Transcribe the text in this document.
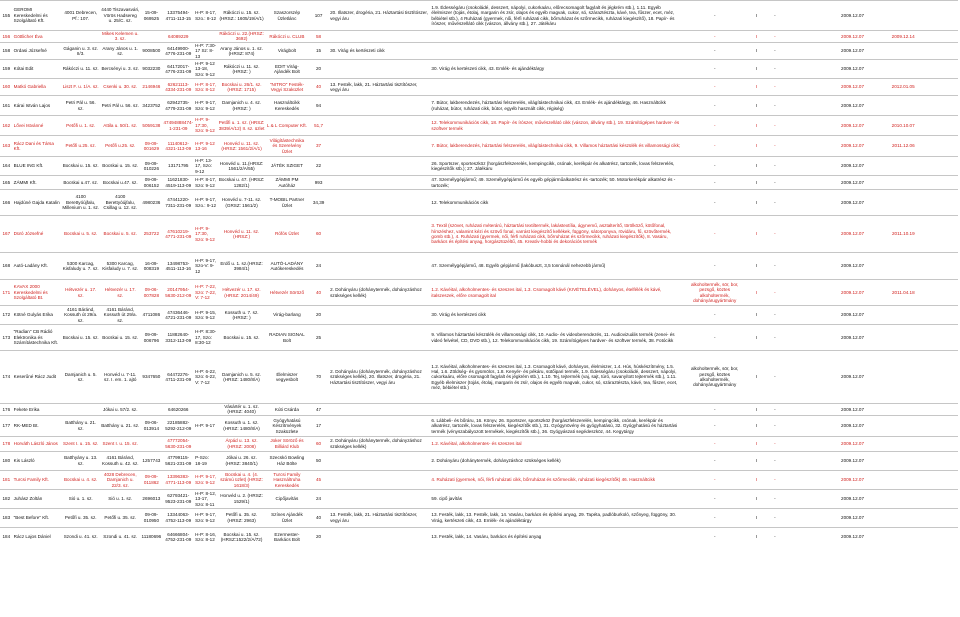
155	GEROMI Kereskedelmi és Szolgáltató Kft.	4001 Debrecen, Pf.: 107.	4440 Tiszavasvári, Vörös Hadsereg u. 25/C. sz.	15-09-069525	13375494-4711-113-15	H-P: 8-17, Szo.: 8-12	Rákóczi u. 15. sz.(HRSZ.: 1605/19/A/1)	Szaszorszép Üzletlánc	107	20. Illatszer, drogéria, 21. Háztartási tisztítószer, vegyi áru	1.9. Édességáru (csokoládé, desszert, nápolyi, cukorkaáru, előrecsomagolt fagylalt és jégkrém stb.), 1.11. Egyéb élelmiszer (tojás, étolaj, margarin és zsír, olajos és egyéb magvak, cukor, só, száraztészta, kávé, tea, fűszer, ecet, méz, bébiétel stb.), 4 Ruházati (gyermek, női, férfi ruházati cikk, bőrruházat és szőrmecikk, ruházati kiegészítő), 18. Papír- és írószer, művészellátó cikk (vászon, állvány stb.), 27. Játékáru	-	I	-	2009.12.07		
156	Göttlicher Éva		Mikes Kelemen u. 3. sz.		64089229		Rákóczi u. 22.(HRSZ: 3692)	Rákóczi u. CLUB	58			-	I	-	2009.12.07	2009.12.14	
158	Ordasi Józsefné	Gáganin u. 3. sz. II/3.	Arany János u. 1. sz.	9008500	64149900-4776-231-09	H-P: 7:30-17 Sz: 8-13	Arany János u. 1. sz. (HRSZ: 874)	Virágbolt	15	30. Virág és kertészeti cikk		-	I	-	2009.12.07		
159	Kótai Edit	Rákóczi u. 11. sz.	Bercsényi u. 3. sz.	9032230	64172017-4776-231-09	H-P: 9-12 13-18, Szo: 9-12	Rákóczi u. 11. sz. (HRSZ: )	EDIT Virág-Ajándék Bolt	20		30. Virág és kertészeti cikk, 43. Emlék- és ajándéktárgy	-	I	-	2009.12.07		
160	Matkó Gabriella	Liszt F. u. 1/A. sz.	Csenki u. 30. sz.	2146946	62621113-4334-231-09	H-P: 8-17, Szo: 8-12	Bocskai u. 26/1. sz. (HRSZ: 1715)	"NITRO" Festék-Vegyi Szaküzlet	40	13. Festék, lakk, 21. Háztartási tisztítószer, vegyi áru		-	I	-	2009.12.07	2012.01.05	
161	Kárai István Lajos	Petri Pál u. 56. sz.	Petri Pál u. 56. sz.	3423752	62942735-4779-231-09	H-P: 9-17, Szo: 9-12	Damjanich u. 4. sz. (HRSZ: )	Használtcikk Kereskedés	94		7. Bútor, lakberendezés, háztartási felszerelés, világítástechnikai cikk, 43. Emlék- és ajándéktárgy, 46. Használtcikk (ruházat, bútor, ruházati cikk, bútor, egyéb használt cikk, régiség)	-	I	-	2009.12.07		
162	Lővei Istvánné	Petőfi u. 1. sz.	Attila u. 50/1. sz.	5059138	47494888474-1-231-09	H-P: 9-17:30, Szo: 9-12	Petőfi u. 1. sz. (HRSZ: 3839/A/12) II. sz. üzlet	L & L Computer Kft.	51,7		12. Telekommunikációs cikk, 18. Papír- és írószer, művészellátó cikk (vászon, állvány stb.), 19. Számítógépes hardver- és szoftver termék	-	I	-	2009.12.07	2010.10.07	
163	Rácz Dani és Társa Kft.	Petőfi u.25. sz.	Petőfi u.25. sz.	09-09-001629	11140612-4321-113-09	H-P: 9-12 13-16	Honvéd u. 11. sz.(HRSZ: 1561/2/A/1)	Világítástechnika és Szerelvény Üzlet	37		7. Bútor, lakberendezés, háztartási felszerelés, világítástechnikai cikk, 9. Villamos háztartási készülék és villamossági cikk;	-	I	-	2009.12.07	2011.12.06	
164	BLUE ING Kft.	Bocskai u. 15. sz.	Bocskai u. 15. sz.	09-09-010226	13171795	H-P: 13-17, Szo: 9-12	Honvéd u. 11.(HRSZ: 1561/2/A/55)	JÁTÉK SZIGET	22		26. Sportszer, sporteszköz (horgászfelszerelés, kempingcikk, csónak, kerékpár és alkatrész, tartozék, lovas felszerelés, kiegészítők stb.); 27. Játékáru	-	I	-	2009.12.07		
165	ZÁMMI Kft.	Bocskai u.47. sz.	Bocskai u.47. sz.	09-09-006152	11621830-4519-113-09	H-P: 8-17, Szo: 9-12	Bocskai u. 47. (HRSZ: 1282/1)	ZÁMMI PM Autóház	993		47. Személygépjármű; 49. Személygépjármű és egyéb gépjárműalkatrész és -tartozék; 50. Motorkerékpár alkatrész és -tartozék;	-	I	-	2009.12.07		
166	Hajdúné Gajda Katalin	4100 Berettyóújfalu, Millenium u. 1. sz.	4100 Berettyóújfalu, Csillag u. 12. sz.	4980236	47441220-7311-231-09	H-P: 9-17, Szo.: 9-12	Honvéd u. 7-11. sz. (GRSZ: 1561/2)	T-MOBIL Partner Üzlet	34,39		12. Telekommunikációs cikk	-	I	-	2009.12.07		
167	Düró Józsefné	Bocskai u. 5. sz.	Bocskai u. 5. sz.	253722	47610219-4771-231-09	H-P: 9-17:30, Szo: 9-12	Honvéd u. 11. sz. (HRSZ:)	Rófós Üzlet	60		3. Textil (szövet, ruházati méterárú, háztartási textiltermék, lakástextília, ágynemű, asztalterítő, törölköző, kötőfonal, hímzéshez, valamint kézi és szövő fonal, varrást kiegészítő kellékek, függöny, sátorponyva, rövidáru, fű, szövőtermék, gomb stb.), 4. Ruházati (gyermek, női, férfi ruházati cikk, bőrruházat és szőrmecikk, ruházati kiegészítők), 8. Vasáru, barkács és építési anyag, horgásztüzéltű, 45. Kreatív-hobbi és dekorációs termék	-	I	-	2009.12.07	2011.10.19	
168	Autó-Ladány Kft.	5300 Karcag, Kisfaludy u. 7. sz.	5300 Karcag, Kisfaludy u. 7. sz.	16-09-008319	13498753-4511-113-16	H-P: 9-17, Szo-V: 9-12	Erdő u. 1. sz.(HRSZ: 3984/1)	AUTÓ-LADÁNY Autókereskedés	24		47. Személygépjármű, 48. Egyéb gépjármű (lakóbuszt, 3,5 tonnánál nehezebb jármű)	-	I	-	2009.12.07		
171	KAVAX 2000 Kereskedelmi és Szolgáltató Bt.	Hétvezér u. 17. sz.	Hétvezér u. 17. sz.	09-06-007828	20147954-5630-212-09	H-P: 7-22, Szo: 7-22, V: 7-12	Hétvezér u. 17. sz. (HRSZ: 2014/49)	Hétvezér Söröző	40	2. Dohányáru (dohánytermék, dohányzáshoz szükséges kellék)	1.2. Kávéital, alkoholmentes- és szeszes ital, 1.3. Csomagolt kávé (KIVÉTELÉVEL), dohányos, ételfélék és kávé, italszeszek, előre csomagolt ital	alkoholtermék, sör, bor, pezsgő, köztes alkoholtermék, dohányárugyártmány	I	-	2009.12.07	2011.04.18	
172	Kötné Gulyás Erika	4161 Báránd, Kossuth út 29/a. sz.	4161 Báránd, Kossuth út 29/a. sz.	4711086	47436446-4721-231-09	H-P: 9-15, Szo: 9-12	Kossuth u. 7. sz. (HRSZ: )	Virág-barlang	20		30. Virág és kertészeti cikk	-	I	-	2009.12.07		
173	"Radian" CB Rádió Elektronika és Számítástechnika Kft.	Bocskai u. 15. sz.	Bocskai u. 15. sz.	09-09-006796	11882640-3312-113-09	H-P: 8:30-17, Szo: 8:30-12	Bocskai u. 15. sz.	RADIAN SIGNAL Bolt	25		9. Villamos háztartási készülék és villamossági cikk, 10. Audio- és videoberendezés, 11. Audiovizuális termék (zenei- és videó felvétel, CD, DVD stb.), 12. Telekommunikációs cikk, 19. Számítógépes hardver- és szoftver termék, 38. Fotócikk	-	I	-	2009.12.07		
174	Keserűné Rácz Judit	Damjanich u. 5. sz.	Honvéd u. 7-11. sz. I. em. 1. ajtó	9347650	64472276-4711-231-09	H-P: 6-22, Szo: 6-22, V: 7-12	Damjanich u. 5. sz. (HRSZ: 1480/8/A)	Élelmiszer vegyesbolt	70	2. Dohányáru (dohánytermék, dohányzáshoz szükséges kellék), 20. Illatszer, drogéria, 21. Háztartási tisztítószer, vegyi áru	1.2. Kávéital, alkoholmentes- és szeszes ital, 1.3. Csomagolt kávé, dohányos, élelmiszer, 1.4. Hús, húskészítmény, 1.5. Hal, 1.6. Zöldség- és gyümölcs, 1.8. Kenyér- és pékáru, sütőipari termék, 1.9. Édességáru (csokoládé, desszert, nápolyi, cukorkaáru, előre csomagolt fagylalt és jégkrém stb.), 1.10. Tej, tejtermék (vaj, sajt, túró, savanyított tejtermék stb.), 1.11. Egyéb élelmiszer (tojás, étolaj, margarin és zsír, olajos és egyéb magvak, cukor, só, száraztészta, kávé, tea, fűszer, ecet, méz, bébiétel stb.)	alkoholtermék, sör, bor, pezsgő, köztes alkoholtermék, dohányárugyártmány	I	-	2009.12.07		
176	Fekete Erika		Jókai u. 57/2. sz.		64620266		Vásártér u. 1. sz. (HRSZ: 4040)	Kúti Csárda	47			-	I	-	2009.12.07		
177	RK-MED Bt.	Batthány u. 21. sz.	Batthány u. 21. sz.	09-06-013914	22185882-5292-212-09	H-P: 9-17	Kossuth u. 1. sz. (HRSZ: 1480/8/A)	Gyógyhatású Készítmények Szaküzlete	17		6. Lábbeli- és bőráru, 16. Könyv, 26. Sportszer, sportszköz (horgászfelszerelés, kempingcikk, csónak, kerékpár és alkatrész, tartozék, lovas felszerelés, kiegészítők stb.), 31. Gyógynövény és gyógyhatású, 32. Gyógyhatású és háztartási termék (vényszabályozott termékek, kiegészítők stb.), 36. Gyógyászati segédeszköz, 44. Kegytárgy	-	I	-	2009.12.07		
178	Horváth László János	Szent I. u. 15. sz.	Szent I. u. 15. sz.		47772054-5630-231-09		Árpád u. 13. sz. (HRSZ: 2008)	Joker Söröző és Billiárd Klub	60	2. Dohányáru (dohánytermék, dohányzáshoz szükséges kellék)	1.2. Kávéital, alkoholmentes- és szeszes ital	-	I	-	2009.12.07		
180	Kis László	Batthyány u. 13. sz.	4161 Báránd, Kossuth u. 42. sz.	1257743	47799115-5621-231-09	P-Szo: 18-19	Jókai u. 26. sz. (HRSZ: 3840/1)	Szecskó Bowling Ház Bölte	50		2. Dohányáru (dohánytermék, dohányzáshoz szükséges kellék)	-	I	-	2009.12.07		
181	Turcsi Family Kft.	Bocskai u. 4. sz.	4028 Debrecen, Damjanich u. 22/3. sz.	09-09-011862	13396383-4771-113-09	H-P: 9-17, Szo: 9-12	Bocskai u. 4. (4. számú üzlet) (HRSZ: 1618/3)	Turcsi Family Használtruha Kereskedés	45		4. Ruházati (gyermek, női, férfi ruházati cikk, bőrruházat és szőrmecikk, ruházati kiegészítők) 46. Használtcikk	-	I	-	2009.12.07		
182	Juhász Zoltán	Sió u. 1. sz.	Sió u. 1. sz.	2696013	62793421-9523-231-09	H-P: 8-12, 13-17, Szo: 8-11	Honvéd u. 2. (HRSZ: 1529/1)	Cipőjavítás	24		59. cipő javítás	-	I	-	2009.12.07		
183	"Best Before" Kft.	Petőfi u. 35. sz.	Petőfi u. 35. sz.	09-09-010950	13344063-4752-113-09	H-P: 9-17, Szo: 9-12	Petőfi u. 35. sz. (HRSZ: 2963)	Színes Ajándék Üzlet	40	13. Festék, lakk, 21. Háztartási tisztítószer, vegyi áru	13. Festék, lakk, 13. Festék, lakk, 14. Vasáru, barkács és építési anyag, 29. Tapéta, padlóburkoló, szőnyeg, függöny, 30. Virág, kertészeti cikk, 43. Emlék- és ajándéktárgy	-	I	-	2009.12.07		
184	Rácz Lajos Dániel	Szondi u. 41. sz.	Szondi u. 41. sz.	11180696	64666804-4752-231-09	H-P: 8-16, Szo: 8-12	Bocskai u. 15. sz. (HRSZ:1522/2/A/72)	Ezermester-Barkács Bolt	20		13. Festék, lakk, 14. Vasáru, barkács és építési anyag	-	I	-	2009.12.07		
